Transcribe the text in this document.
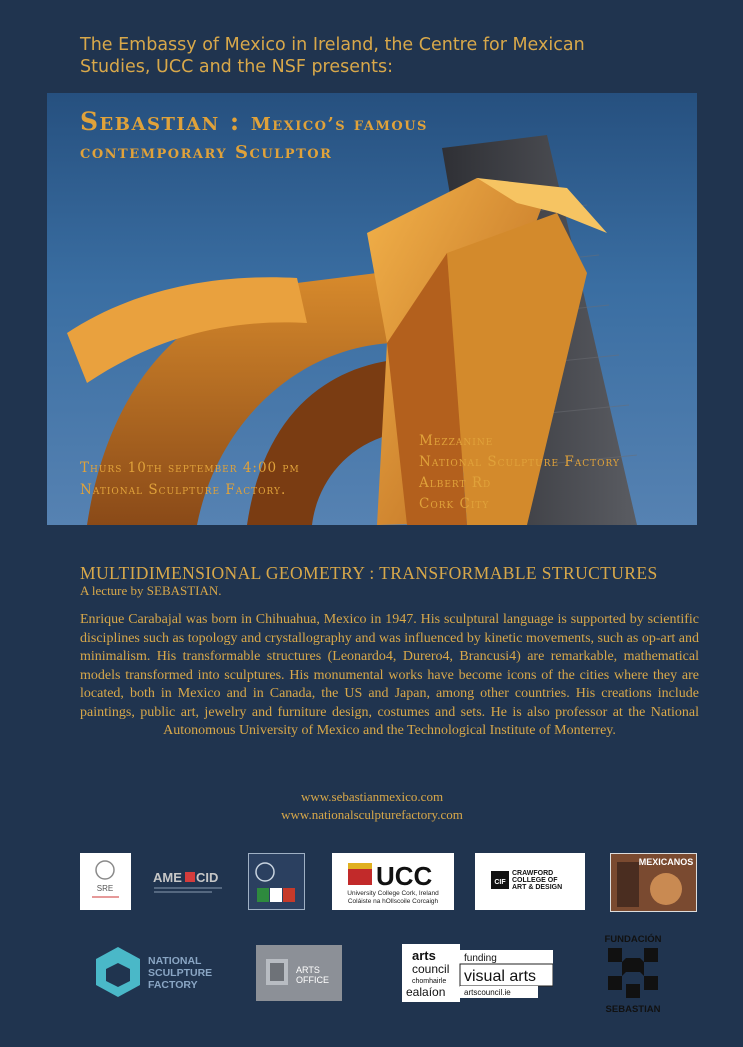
The Embassy of Mexico in Ireland, the Centre for Mexican
Studies, UCC and the NSF presents:
Sebastian : Mexico’s famous
contemporary Sculptor
Thurs 10th september 4:00 pm
National Sculpture Factory.
Mezzanine
National Sculpture Factory
Albert Rd
Cork City
MULTIDIMENSIONAL GEOMETRY : TRANSFORMABLE STRUCTURES
A lecture by SEBASTIAN.
Enrique Carabajal was born in Chihuahua, Mexico in 1947. His sculptural language is supported by scientific disciplines such as topology and crystallography and was influenced by kinetic movements, such as op-art and minimalism. His transformable structures (Leonardo4, Durero4, Brancusi4) are remarkable, mathematical models transformed into sculptures. His monumental works have become icons of the cities where they are located, both in Mexico and in Canada, the US and Japan, among other countries. His creations include paintings, public art, jewelry and furniture design, costumes and sets. He is also professor at the National Autonomous University of Mexico and the Technological Institute of Monterrey.
www.sebastianmexico.com
www.nationalsculpturefactory.com
SRE
AME CID	UCC
University College Cork, Ireland
Coláiste na hOllscoile Corcaigh
CIF
CRAWFORD
COLLEGE OF
ART & DESIGN
MEXICANOS
NATIONAL
SCULPTURE
FACTORY
ARTS
OFFICE
arts
council
chomhairle
ealaíon
funding
visual arts
artscouncil.ie
FUNDACIÓN
SEBASTIAN
